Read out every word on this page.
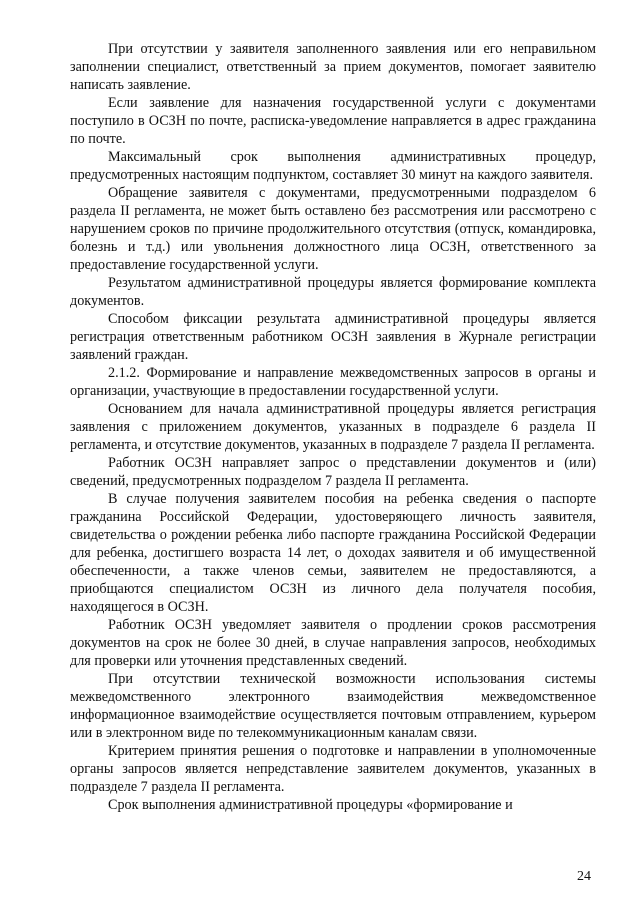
При отсутствии у заявителя заполненного заявления или его неправильном заполнении специалист, ответственный за прием документов, помогает заявителю написать заявление.

Если заявление для назначения государственной услуги с документами поступило в ОСЗН по почте, расписка-уведомление направляется в адрес гражданина по почте.

Максимальный срок выполнения административных процедур, предусмотренных настоящим подпунктом, составляет 30 минут на каждого заявителя.

Обращение заявителя с документами, предусмотренными подразделом 6 раздела II регламента, не может быть оставлено без рассмотрения или рассмотрено с нарушением сроков по причине продолжительного отсутствия (отпуск, командировка, болезнь и т.д.) или увольнения должностного лица ОСЗН, ответственного за предоставление государственной услуги.

Результатом административной процедуры является формирование комплекта документов.

Способом фиксации результата административной процедуры является регистрация ответственным работником ОСЗН заявления в Журнале регистрации заявлений граждан.

2.1.2. Формирование и направление межведомственных запросов в органы и организации, участвующие в предоставлении государственной услуги.

Основанием для начала административной процедуры является регистрация заявления с приложением документов, указанных в подразделе 6 раздела II регламента, и отсутствие документов, указанных в подразделе 7 раздела II регламента.

Работник ОСЗН направляет запрос о представлении документов и (или) сведений, предусмотренных подразделом 7 раздела II регламента.

В случае получения заявителем пособия на ребенка сведения о паспорте гражданина Российской Федерации, удостоверяющего личность заявителя, свидетельства о рождении ребенка либо паспорте гражданина Российской Федерации для ребенка, достигшего возраста 14 лет, о доходах заявителя и об имущественной обеспеченности, а также членов семьи, заявителем не предоставляются, а приобщаются специалистом ОСЗН из личного дела получателя пособия, находящегося в ОСЗН.

Работник ОСЗН уведомляет заявителя о продлении сроков рассмотрения документов на срок не более 30 дней, в случае направления запросов, необходимых для проверки или уточнения представленных сведений.

При отсутствии технической возможности использования системы межведомственного электронного взаимодействия межведомственное информационное взаимодействие осуществляется почтовым отправлением, курьером или в электронном виде по телекоммуникационным каналам связи.

Критерием принятия решения о подготовке и направлении в уполномоченные органы запросов является непредставление заявителем документов, указанных в подразделе 7 раздела II регламента.

Срок выполнения административной процедуры «формирование и

24
